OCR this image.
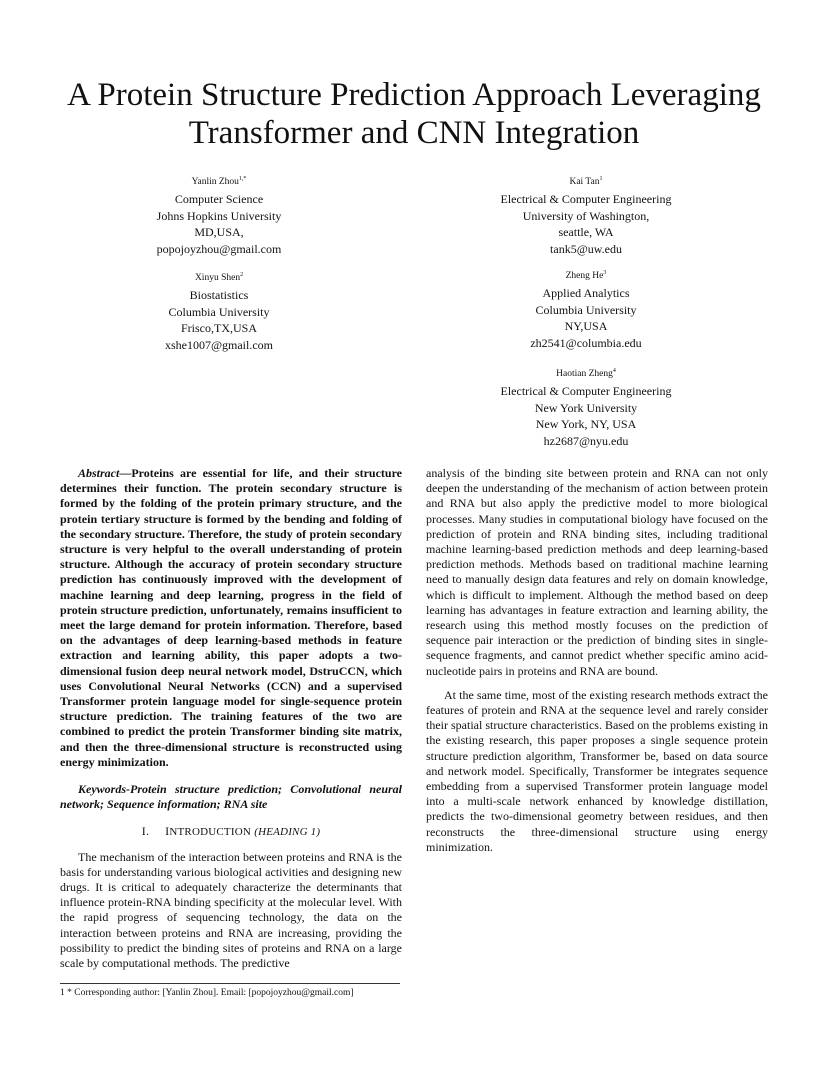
A Protein Structure Prediction Approach Leveraging Transformer and CNN Integration
Yanlin Zhou$^{1,*}$
Computer Science
Johns Hopkins University
MD,USA,
popojoyzhou@gmail.com
Kai Tan$^1$
Electrical & Computer Engineering
University of Washington,
seattle, WA
tank5@uw.edu
Xinyu Shen$^2$
Biostatistics
Columbia University
Frisco,TX,USA
xshe1007@gmail.com
Zheng He$^3$
Applied Analytics
Columbia University
NY,USA
zh2541@columbia.edu
Haotian Zheng$^4$
Electrical & Computer Engineering
New York University
New York, NY, USA
hz2687@nyu.edu

Abstract—Proteins are essential for life, and their structure determines their function. The protein secondary structure is formed by the folding of the protein primary structure, and the protein tertiary structure is formed by the bending and folding of the secondary structure. Therefore, the study of protein secondary structure is very helpful to the overall understanding of protein structure. Although the accuracy of protein secondary structure prediction has continuously improved with the development of machine learning and deep learning, progress in the field of protein structure prediction, unfortunately, remains insufficient to meet the large demand for protein information. Therefore, based on the advantages of deep learning-based methods in feature extraction and learning ability, this paper adopts a two-dimensional fusion deep neural network model, DstruCCN, which uses Convolutional Neural Networks (CCN) and a supervised Transformer protein language model for single-sequence protein structure prediction. The training features of the two are combined to predict the protein Transformer binding site matrix, and then the three-dimensional structure is reconstructed using energy minimization.

Keywords-Protein structure prediction; Convolutional neural network; Sequence information; RNA site

I. INTRODUCTION (HEADING 1)

The mechanism of the interaction between proteins and RNA is the basis for understanding various biological activities and designing new drugs. It is critical to adequately characterize the determinants that influence protein-RNA binding specificity at the molecular level. With the rapid progress of sequencing technology, the data on the interaction between proteins and RNA are increasing, providing the possibility to predict the binding sites of proteins and RNA on a large scale by computational methods. The predictive

analysis of the binding site between protein and RNA can not only deepen the understanding of the mechanism of action between protein and RNA but also apply the predictive model to more biological processes. Many studies in computational biology have focused on the prediction of protein and RNA binding sites, including traditional machine learning-based prediction methods and deep learning-based prediction methods. Methods based on traditional machine learning need to manually design data features and rely on domain knowledge, which is difficult to implement. Although the method based on deep learning has advantages in feature extraction and learning ability, the research using this method mostly focuses on the prediction of sequence pair interaction or the prediction of binding sites in single-sequence fragments, and cannot predict whether specific amino acid-nucleotide pairs in proteins and RNA are bound.

At the same time, most of the existing research methods extract the features of protein and RNA at the sequence level and rarely consider their spatial structure characteristics. Based on the problems existing in the existing research, this paper proposes a single sequence protein structure prediction algorithm, Transformer be, based on data source and network model. Specifically, Transformer be integrates sequence embedding from a supervised Transformer protein language model into a multi-scale network enhanced by knowledge distillation, predicts the two-dimensional geometry between residues, and then reconstructs the three-dimensional structure using energy minimization.

1 * Corresponding author: [Yanlin Zhou]. Email: [popojoyzhou@gmail.com]
